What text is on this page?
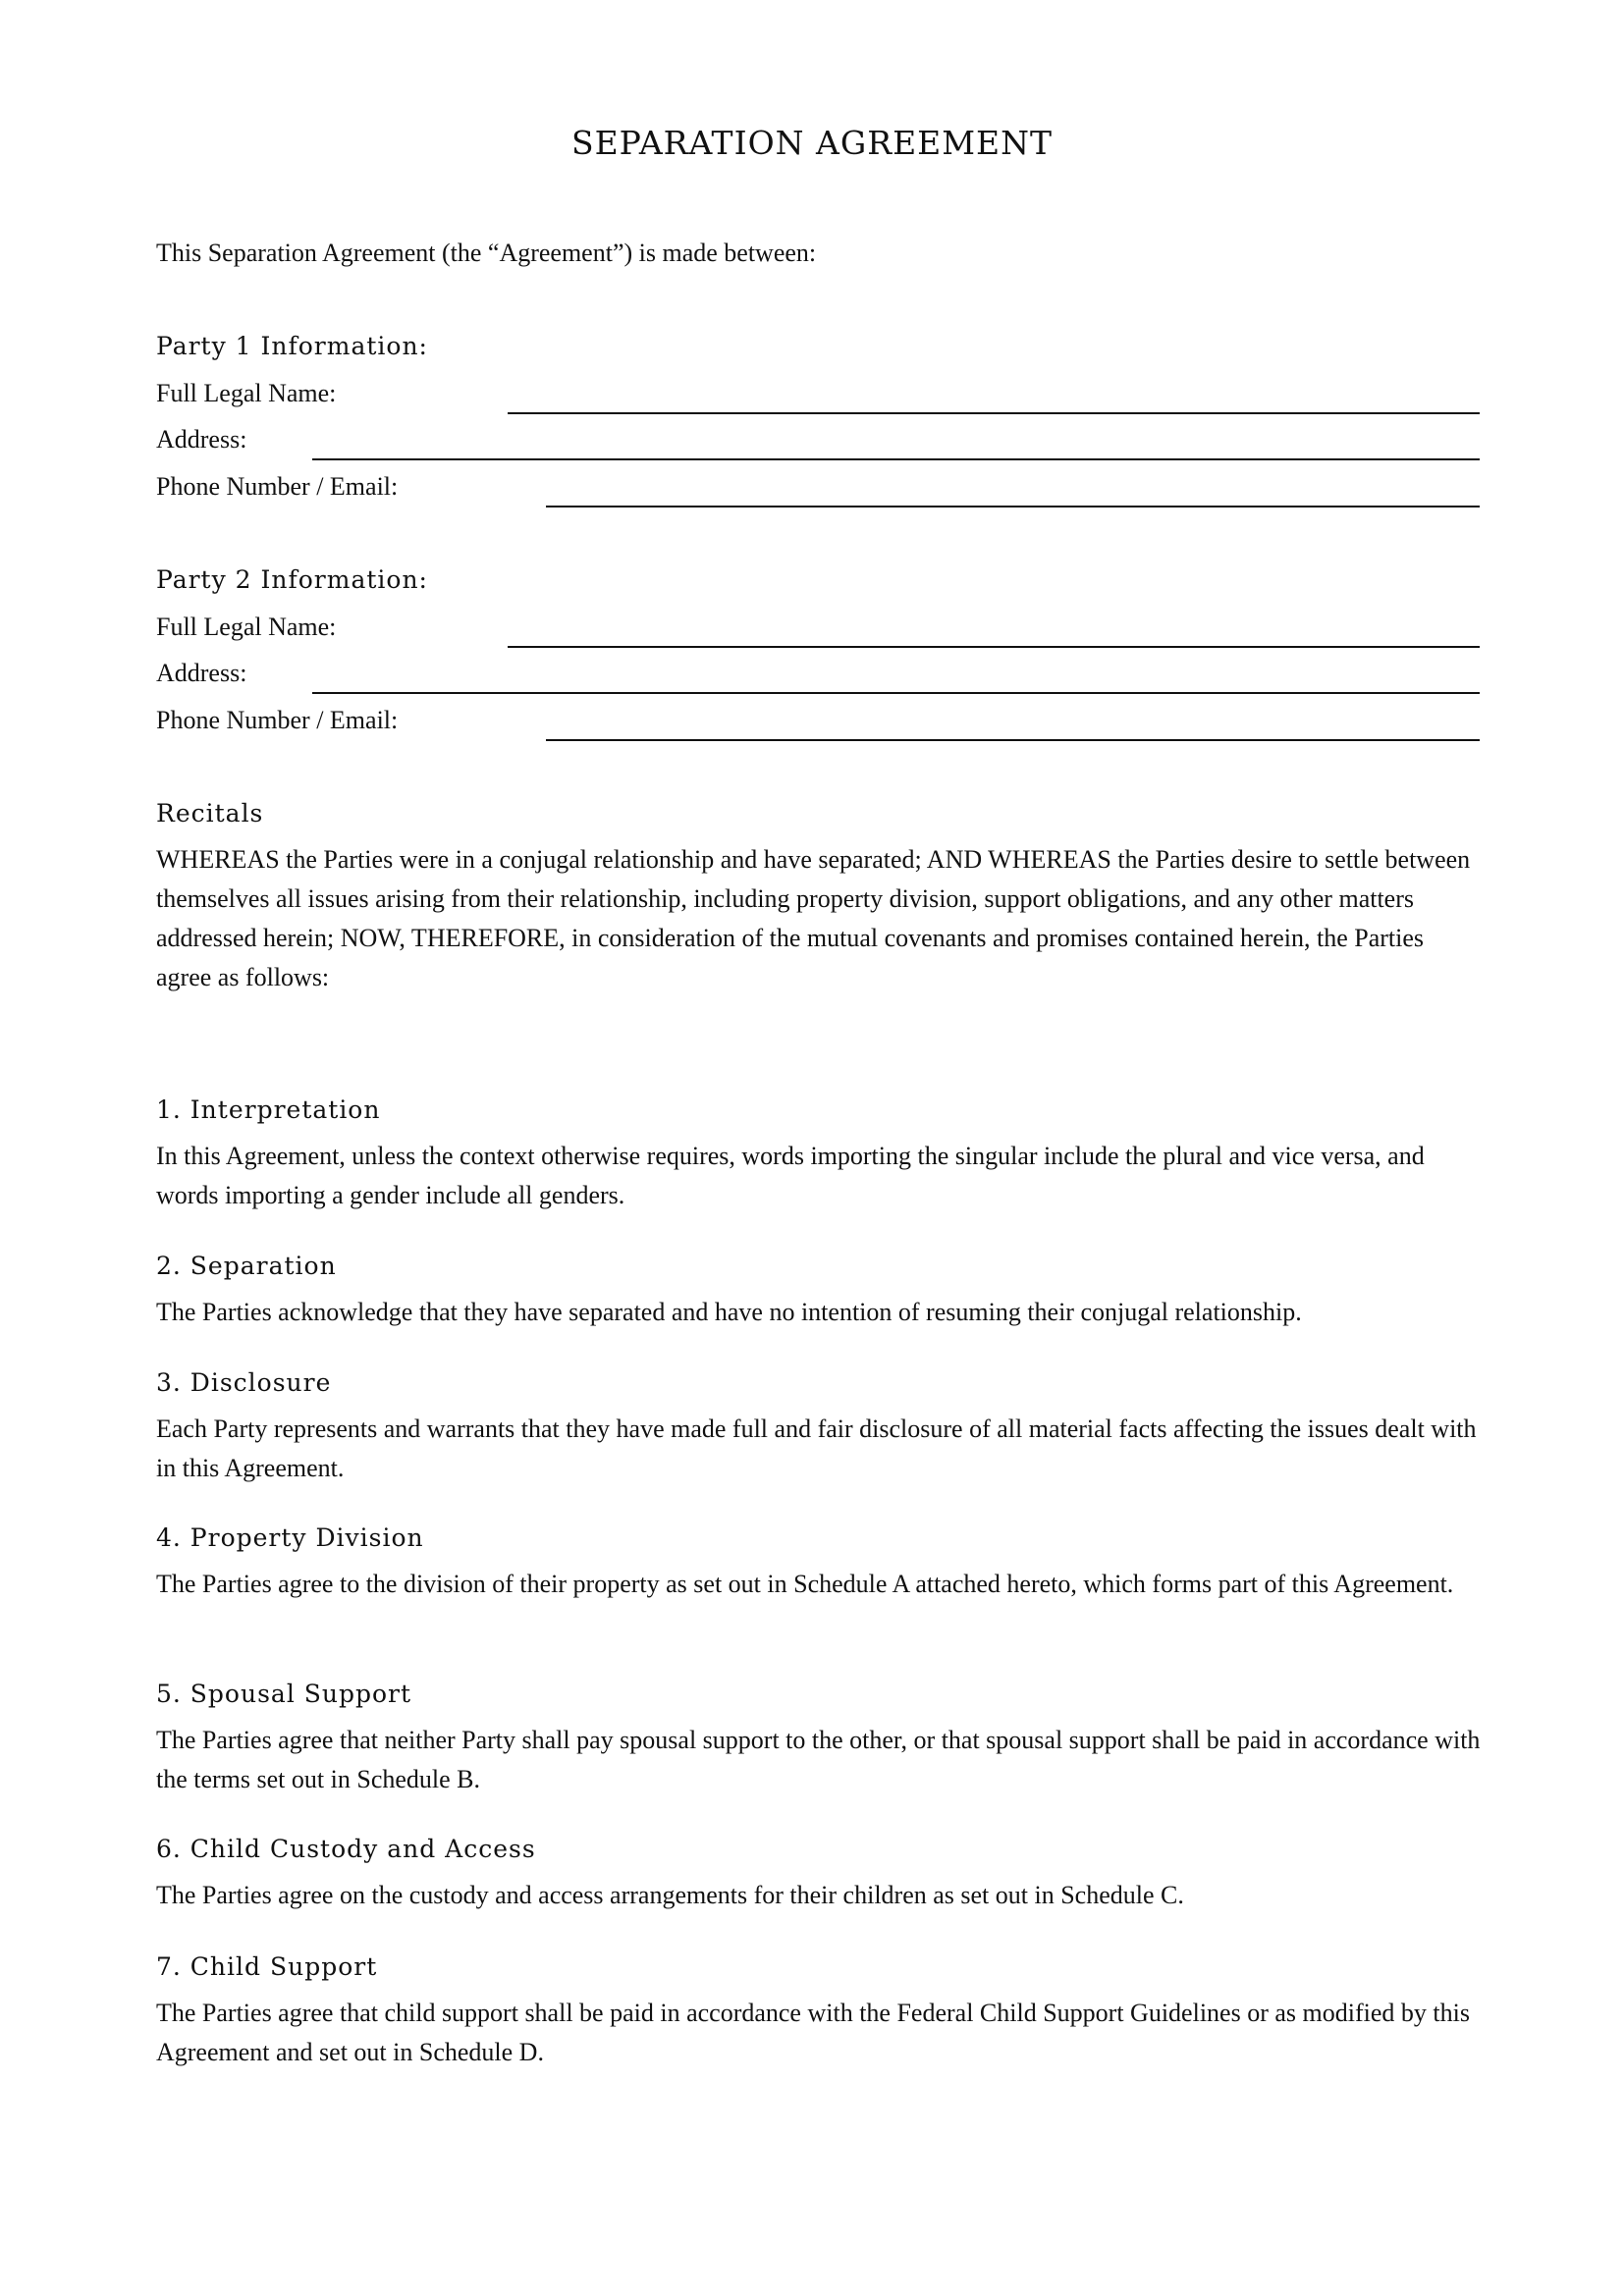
SEPARATION AGREEMENT

This Separation Agreement (the “Agreement”) is made between:

Party 1 Information:

Full Legal Name:

Address:

Phone Number / Email:

Party 2 Information:

Full Legal Name:

Address:

Phone Number / Email:

Recitals

WHEREAS the Parties were in a conjugal relationship and have separated; AND WHEREAS the Parties desire to settle between themselves all issues arising from their relationship, including property division, support obligations, and any other matters addressed herein; NOW, THEREFORE, in consideration of the mutual covenants and promises contained herein, the Parties agree as follows:

1. Interpretation

In this Agreement, unless the context otherwise requires, words importing the singular include the plural and vice versa, and words importing a gender include all genders.

2. Separation

The Parties acknowledge that they have separated and have no intention of resuming their conjugal relationship.

3. Disclosure

Each Party represents and warrants that they have made full and fair disclosure of all material facts affecting the issues dealt with in this Agreement.

4. Property Division

The Parties agree to the division of their property as set out in Schedule A attached hereto, which forms part of this Agreement.

5. Spousal Support

The Parties agree that neither Party shall pay spousal support to the other, or that spousal support shall be paid in accordance with the terms set out in Schedule B.

6. Child Custody and Access

The Parties agree on the custody and access arrangements for their children as set out in Schedule C.

7. Child Support

The Parties agree that child support shall be paid in accordance with the Federal Child Support Guidelines or as modified by this Agreement and set out in Schedule D.
